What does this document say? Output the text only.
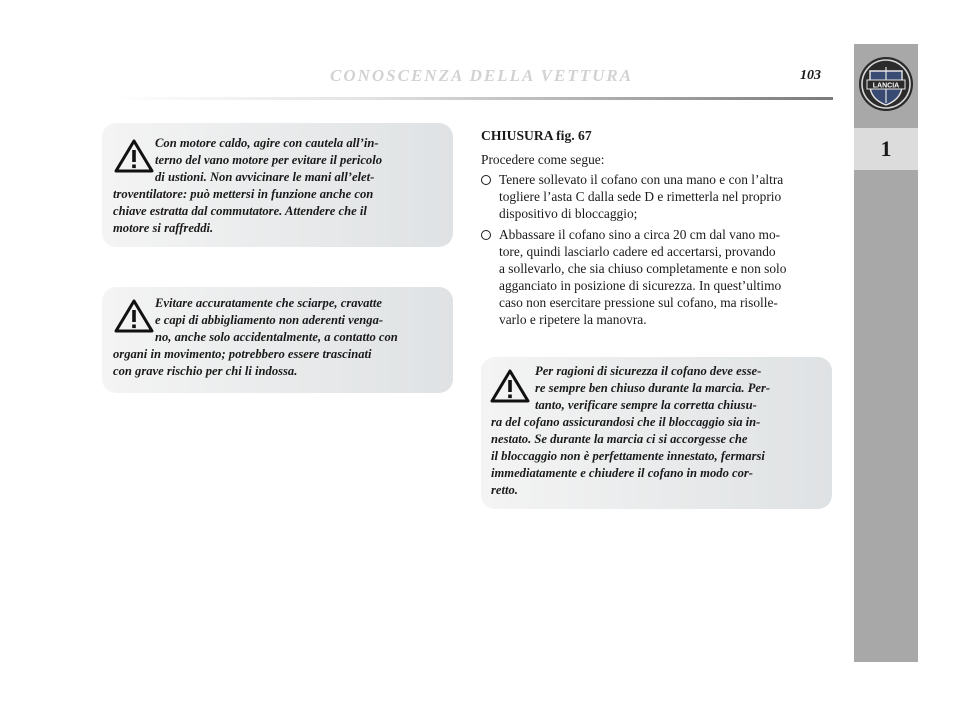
CONOSCENZA DELLA VETTURA	103
LANCIA
1
Con motore caldo, agire con cautela all’in-
terno del vano motore per evitare il pericolo
di ustioni. Non avvicinare le mani all’elet-
troventilatore: può mettersi in funzione anche con
chiave estratta dal commutatore. Attendere che il
motore si raffreddi.
Evitare accuratamente che sciarpe, cravatte
e capi di abbigliamento non aderenti venga-
no, anche solo accidentalmente, a contatto con
organi in movimento; potrebbero essere trascinati
con grave rischio per chi li indossa.
CHIUSURA fig. 67
Procedere come segue:
Tenere sollevato il cofano con una mano e con l’altra
togliere l’asta C dalla sede D e rimetterla nel proprio
dispositivo di bloccaggio;
Abbassare il cofano sino a circa 20 cm dal vano mo-
tore, quindi lasciarlo cadere ed accertarsi, provando
a sollevarlo, che sia chiuso completamente e non solo
agganciato in posizione di sicurezza. In quest’ultimo
caso non esercitare pressione sul cofano, ma risolle-
varlo e ripetere la manovra.
Per ragioni di sicurezza il cofano deve esse-
re sempre ben chiuso durante la marcia. Per-
tanto, verificare sempre la corretta chiusu-
ra del cofano assicurandosi che il bloccaggio sia in-
nestato. Se durante la marcia ci si accorgesse che
il bloccaggio non è perfettamente innestato, fermarsi
immediatamente e chiudere il cofano in modo cor-
retto.
